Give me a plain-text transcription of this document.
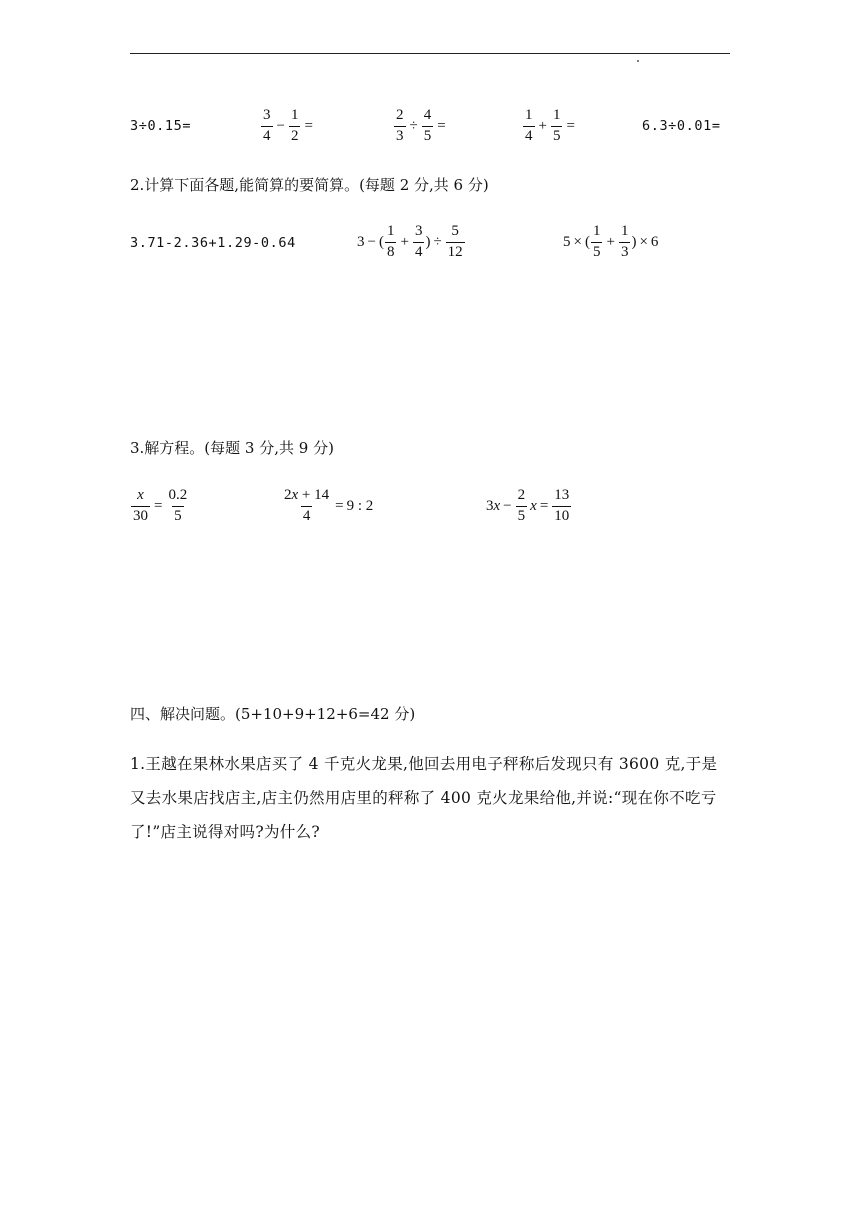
3÷0.15=	$\frac{3}{4} - \frac{1}{2}$ =	$\frac{2}{3} \div \frac{4}{5}$ =	$\frac{1}{4} + \frac{1}{5}$ =	6.3÷0.01=
2.计算下面各题,能简算的要简算。(每题 2 分,共 6 分)
3.71-2.36+1.29-0.64	3 − ( $\frac{1}{8} + \frac{3}{4}$ ) ÷ $\frac{5}{12}$	5 × ( $\frac{1}{5} + \frac{1}{3}$ ) × 6
3.解方程。(每题 3 分,共 9 分)
$\frac{x}{30} = \frac{0.2}{5}$	$\frac{2x + 14}{4} = 9$ : 2	3 $x - \frac{2}{5}$ $x = \frac{13}{10}$
四、解决问题。(5+10+9+12+6=42 分)
1.王越在果林水果店买了 4 千克火龙果,他回去用电子秤称后发现只有 3600 克,于是又去水果店找店主,店主仍然用店里的秤称了 400 克火龙果给他,并说:“现在你不吃亏了!”店主说得对吗?为什么?
